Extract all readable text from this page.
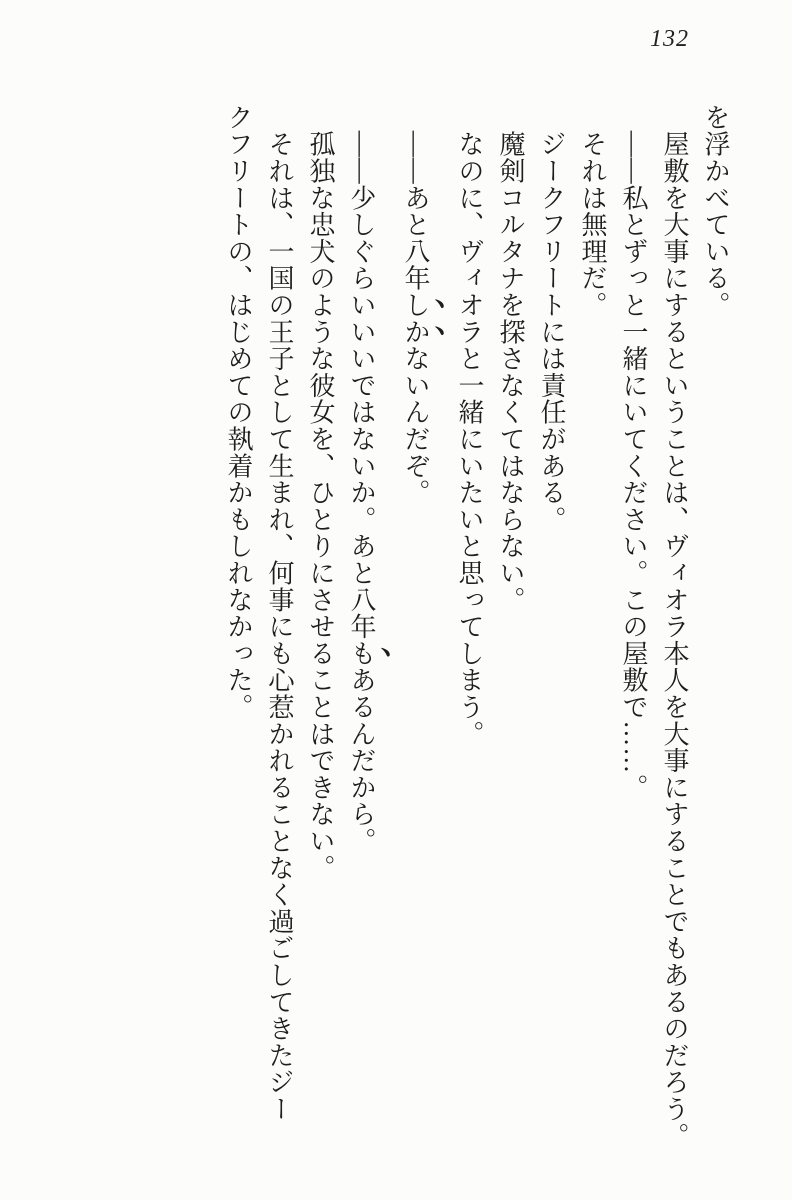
132

を浮かべている。

　屋敷を大事にするということは、ヴィオラ本人を大事にすることでもあるのだろう。

　――私とずっと一緒にいてください。この屋敷で……。

　それは無理だ。

　ジークフリートには責任がある。

　魔剣コルタナを探さなくてはならない。

　なのに、ヴィオラと一緒にいたいと思ってしまう。

　――あと八年しかないんだぞ。

　――少しぐらいいいではないか。あと八年もあるんだから。

　孤独な忠犬のような彼女を、ひとりにさせることはできない。

　それは、一国の王子として生まれ、何事にも心惹かれることなく過ごしてきたジー

クフリートの、はじめての執着かもしれなかった。
